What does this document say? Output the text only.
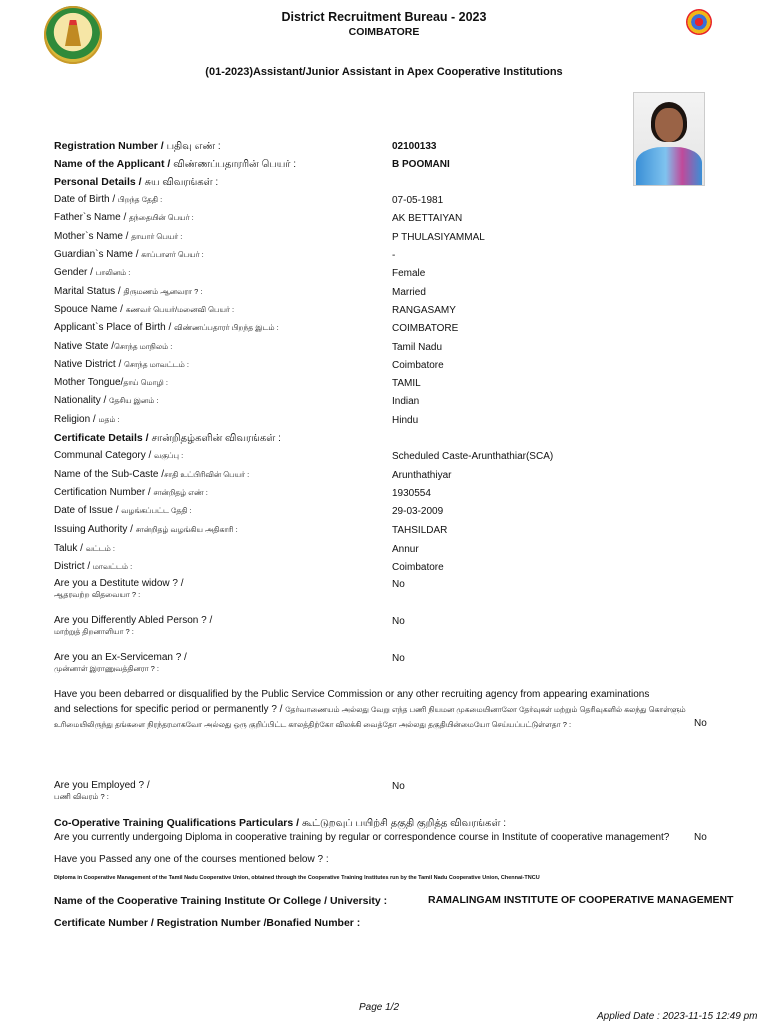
District Recruitment Bureau - 2023
COIMBATORE
(01-2023)Assistant/Junior Assistant in Apex Cooperative Institutions
Registration Number / பதிவு எண் :	02100133
Name of the Applicant / விண்ணப்பதாரரின் பெயர் :	B POOMANI
Personal Details / சுய விவரங்கள் :
Date of Birth / பிறந்த தேதி :	07-05-1981
Father`s Name / தந்தையின் பெயர் :	AK BETTAIYAN
Mother`s Name / தாயார் பெயர் :	P THULASIYAMMAL
Guardian`s Name / காப்பாளர் பெயர் :	-
Gender / பாலினம் :	Female
Marital Status / திருமணம் ஆனவரா ? :	Married
Spouce Name / கணவர் பெயர்/மனைவி பெயர் :	RANGASAMY
Applicant`s Place of Birth / விண்ணப்பதாரர் பிறந்த இடம் :	COIMBATORE
Native State /சொந்த மாநிலம் :	Tamil Nadu
Native District / சொந்த மாவட்டம் :	Coimbatore
Mother Tongue/தாய் மொழி :	TAMIL
Nationality / தேசிய இனம் :	Indian
Religion / மதம் :	Hindu
Certificate Details / சான்றிதழ்களின் விவரங்கள் :
Communal Category / வகுப்பு :	Scheduled Caste-Arunthathiar(SCA)
Name of the Sub-Caste /சாதி உட்பிரிவின் பெயர் :	Arunthathiyar
Certification Number / சான்றிதழ் எண் :	1930554
Date of Issue / வழங்கப்பட்ட தேதி :	29-03-2009
Issuing Authority / சான்றிதழ் வழங்கிய அதிகாரி :	TAHSILDAR
Taluk / வட்டம் :	Annur
District / மாவட்டம் :	Coimbatore
Are you a Destitute widow ? /
ஆதரவற்ற விதவையா ? :
No
Are you Differently Abled Person ? /
மாற்றுத் திறனாளியா ? :
No
Are you an Ex-Serviceman ? /
முன்னாள் இராணுவத்தினரா ? :
No
Have you been debarred or disqualified by the Public Service Commission or any other recruiting agency from appearing examinations
and selections for specific period or permanently ? / தேர்வாணையம் அல்லது வேறு எந்த பணி நியமன முகமையினாலோ தேர்வுகள் மற்றும் தெரிவுகளில் கலந்து கொள்ளும் உரிமையிலிருந்து தங்களை நிரந்தரமாகவோ அல்லது ஒரு குறிப்பிட்ட காலத்திற்கோ விலக்கி வைத்தோ அல்லது தகுதியின்மையோ செய்யப்பட்டுள்ளதா ? :	No
Are you Employed ? /
பணி விவரம் ? :
No
Co-Operative Training Qualifications Particulars / கூட்டுறவுப் பயிற்சி தகுதி குறித்த விவரங்கள் :
Are you currently undergoing Diploma in cooperative training by regular or correspondence course in Institute of cooperative management? No
Have you Passed any one of the courses mentioned below ? :
Diploma in Cooperative Management of the Tamil Nadu Cooperative Union, obtained through the Cooperative Training Institutes run by the Tamil Nadu Cooperative Union, Chennai-TNCU
Name of the Cooperative Training Institute Or College / University :	RAMALINGAM INSTITUTE OF COOPERATIVE MANAGEMENT
Certificate Number / Registration Number /Bonafied Number :
Page 1/2
Applied Date : 2023-11-15 12:49 pm
